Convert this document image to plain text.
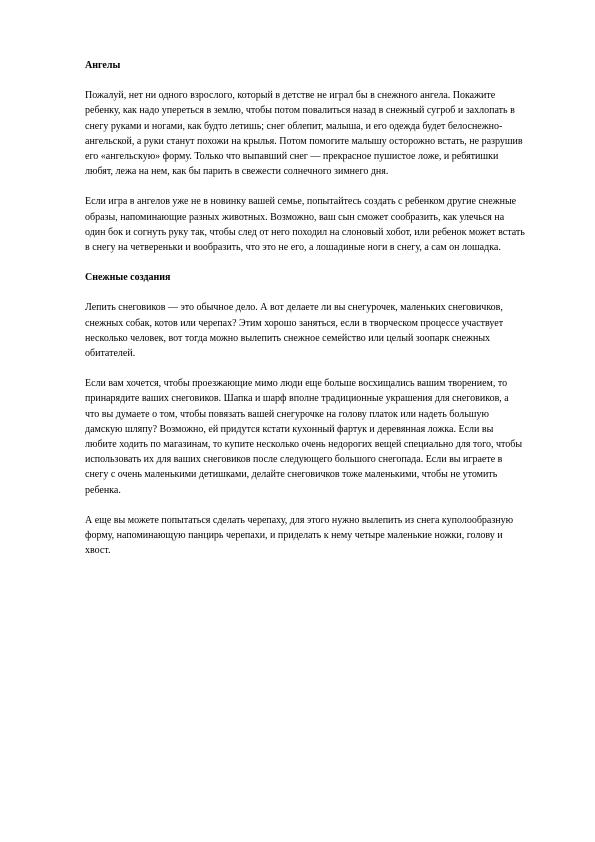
Ангелы

Пожалуй, нет ни одного взрослого, который в детстве не играл бы в снежного ангела. Покажите ребенку, как надо упереться в землю, чтобы потом повалиться назад в снежный сугроб и захлопать в снегу руками и ногами, как будто летишь; снег облепит, малыша, и его одежда будет белоснежно-ангельской, а руки станут похожи на крылья. Потом помогите малышу осторожно встать, не разрушив его «ангельскую» форму. Только что выпавший снег — прекрасное пушистое ложе, и ребятишки любят, лежа на нем, как бы парить в свежести солнечного зимнего дня.

Если игра в ангелов уже не в новинку вашей семье, попытайтесь создать с ребенком другие снежные образы, напоминающие разных животных. Возможно, ваш сын сможет сообразить, как улечься на один бок и согнуть руку так, чтобы след от него походил на слоновый хобот, или ребенок может встать в снегу на четвереньки и вообразить, что это не его, а лошадиные ноги в снегу, а сам он лошадка.

Снежные создания

Лепить снеговиков — это обычное дело. А вот делаете ли вы снегурочек, маленьких снеговичков, снежных собак, котов или черепах? Этим хорошо заняться, если в творческом процессе участвует несколько человек, вот тогда можно вылепить снежное семейство или целый зоопарк снежных обитателей.

Если вам хочется, чтобы проезжающие мимо люди еще больше восхищались вашим творением, то принарядите ваших снеговиков. Шапка и шарф вполне традиционные украшения для снеговиков, а что вы думаете о том, чтобы повязать вашей снегурочке на голову платок или надеть большую дамскую шляпу? Возможно, ей придутся кстати кухонный фартук и деревянная ложка. Если вы любите ходить по магазинам, то купите несколько очень недорогих вещей специально для того, чтобы использовать их для ваших снеговиков после следующего большого снегопада. Если вы играете в снегу с очень маленькими детишками, делайте снеговичков тоже маленькими, чтобы не утомить ребенка.

А еще вы можете попытаться сделать черепаху, для этого нужно вылепить из снега куполообразную форму, напоминающую панцирь черепахи, и приделать к нему четыре маленькие ножки, голову и хвост.
